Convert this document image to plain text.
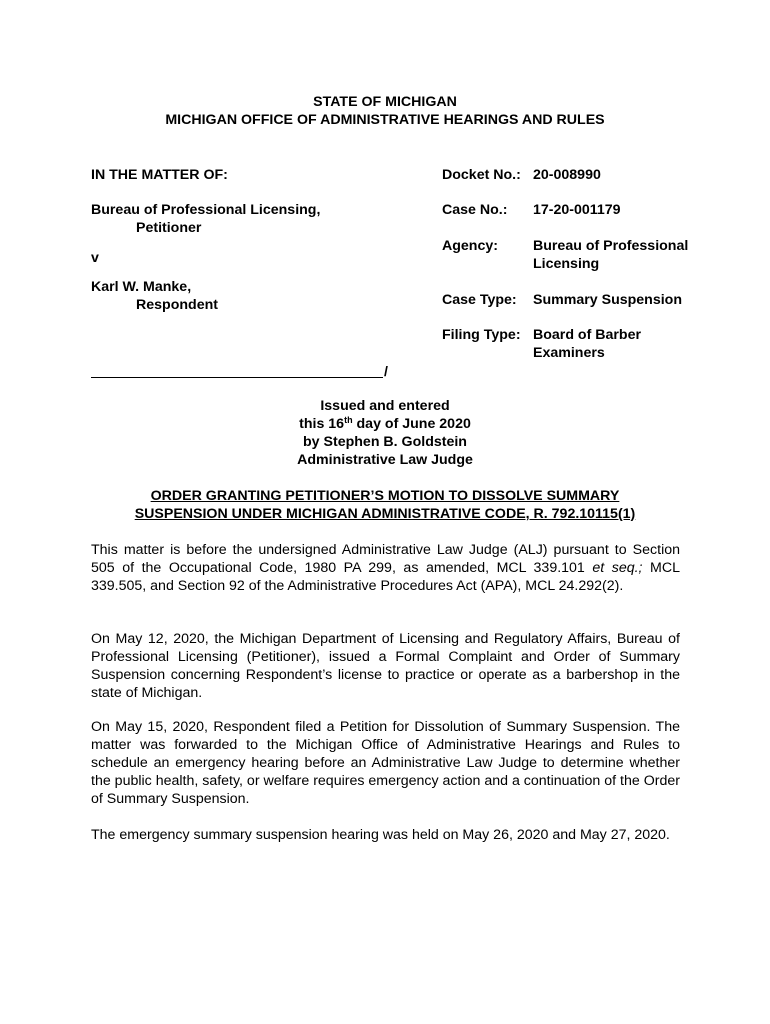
STATE OF MICHIGAN
MICHIGAN OFFICE OF ADMINISTRATIVE HEARINGS AND RULES
IN THE MATTER OF:
Bureau of Professional Licensing,
Petitioner
v
Karl W. Manke,
Respondent
/
Docket No.: 20-008990
Case No.: 17-20-001179
Agency: Bureau of Professional
Licensing
Case Type: Summary Suspension
Filing Type: Board of Barber
Examiners
Issued and entered
this 16th day of June 2020
by Stephen B. Goldstein
Administrative Law Judge
ORDER GRANTING PETITIONER’S MOTION TO DISSOLVE SUMMARY
SUSPENSION UNDER MICHIGAN ADMINISTRATIVE CODE, R. 792.10115(1)
This matter is before the undersigned Administrative Law Judge (ALJ) pursuant to Section 505 of the Occupational Code, 1980 PA 299, as amended, MCL 339.101 et seq.; MCL 339.505, and Section 92 of the Administrative Procedures Act (APA), MCL 24.292(2).
On May 12, 2020, the Michigan Department of Licensing and Regulatory Affairs, Bureau of Professional Licensing (Petitioner), issued a Formal Complaint and Order of Summary Suspension concerning Respondent’s license to practice or operate as a barbershop in the state of Michigan.
On May 15, 2020, Respondent filed a Petition for Dissolution of Summary Suspension. The matter was forwarded to the Michigan Office of Administrative Hearings and Rules to schedule an emergency hearing before an Administrative Law Judge to determine whether the public health, safety, or welfare requires emergency action and a continuation of the Order of Summary Suspension.
The emergency summary suspension hearing was held on May 26, 2020 and May 27, 2020.
